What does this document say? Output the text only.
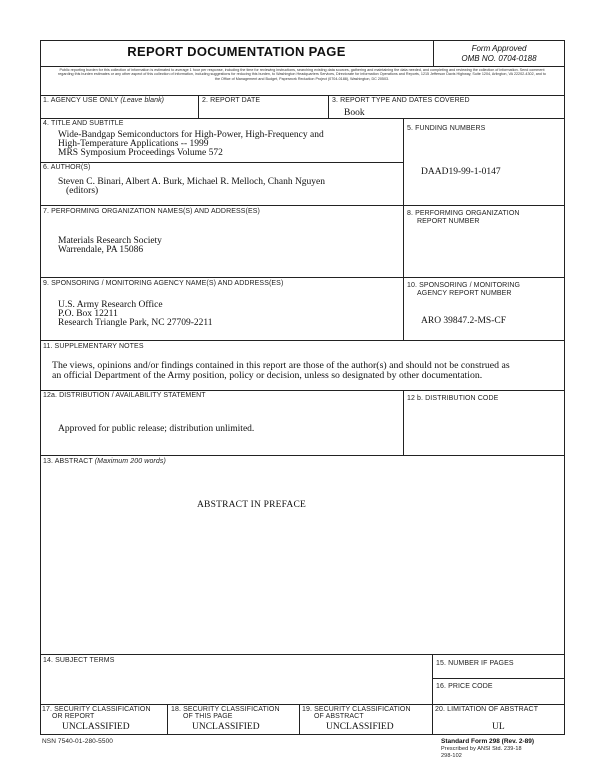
REPORT DOCUMENTATION PAGE	Form Approved
OMB NO. 0704-0188
Public reporting burden for this collection of information is estimated to average 1 hour per response, including the time for reviewing instructions, searching existing data sources, gathering and maintaining the data needed, and completing and reviewing the collection of information. Send comment regarding this burden estimates or any other aspect of this collection of information, including suggestions for reducing this burden, to Washington Headquarters Services, Directorate for information Operations and Reports, 1215 Jefferson Davis Highway, Suite 1204, Arlington, VA 22202-4302, and to the Office of Management and Budget, Paperwork Reduction Project (0704-0188), Washington, DC 20503.
1. AGENCY USE ONLY (Leave blank)	2. REPORT DATE	3. REPORT TYPE AND DATES COVERED
Book
4. TITLE AND SUBTITLE
Wide-Bandgap Semiconductors for High-Power, High-Frequency and
High-Temperature Applications -- 1999
MRS Symposium Proceedings Volume 572
5. FUNDING NUMBERS
DAAD19-99-1-0147
6. AUTHOR(S)
Steven C. Binari, Albert A. Burk, Michael R. Melloch, Chanh Nguyen
(editors)
7. PERFORMING ORGANIZATION NAMES(S) AND ADDRESS(ES)
Materials Research Society
Warrendale, PA 15086
8. PERFORMING ORGANIZATION
REPORT NUMBER
9. SPONSORING / MONITORING AGENCY NAME(S) AND ADDRESS(ES)
U.S. Army Research Office
P.O. Box 12211
Research Triangle Park, NC 27709-2211
10. SPONSORING / MONITORING
AGENCY REPORT NUMBER
ARO 39847.2-MS-CF
11. SUPPLEMENTARY NOTES
The views, opinions and/or findings contained in this report are those of the author(s) and should not be construed as
an official Department of the Army position, policy or decision, unless so designated by other documentation.
12a. DISTRIBUTION / AVAILABILITY STATEMENT
Approved for public release; distribution unlimited.
12 b. DISTRIBUTION CODE
13. ABSTRACT (Maximum 200 words)
ABSTRACT IN PREFACE
14. SUBJECT TERMS	15. NUMBER IF PAGES
16. PRICE CODE
17. SECURITY CLASSIFICATION
OR REPORT
UNCLASSIFIED
18. SECURITY CLASSIFICATION
OF THIS PAGE
UNCLASSIFIED
19. SECURITY CLASSIFICATION
OF ABSTRACT
UNCLASSIFIED
20. LIMITATION OF ABSTRACT
UL
NSN 7540-01-280-5500	Standard Form 298 (Rev. 2-89)
Prescribed by ANSI Std. 239-18
298-102
